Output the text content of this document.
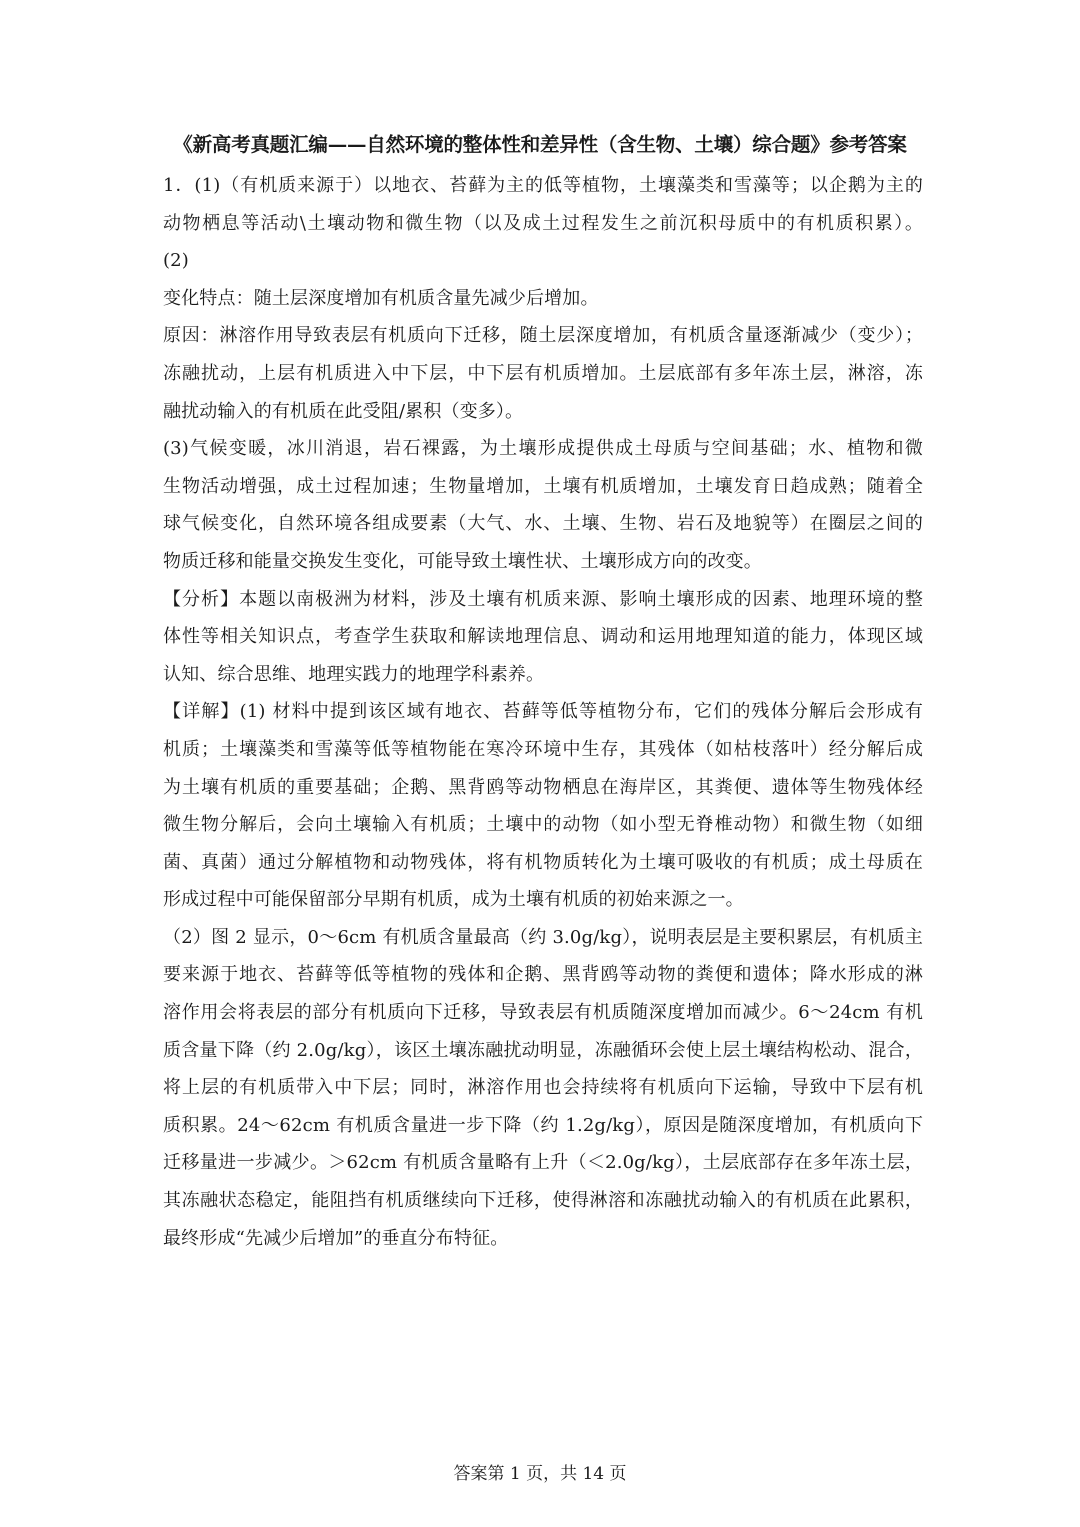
《新高考真题汇编——自然环境的整体性和差异性（含生物、土壤）综合题》参考答案
1．(1)（有机质来源于）以地衣、苔藓为主的低等植物，土壤藻类和雪藻等；以企鹅为主的
动物栖息等活动\土壤动物和微生物（以及成土过程发生之前沉积母质中的有机质积累）。
(2)
变化特点：随土层深度增加有机质含量先减少后增加。
原因：淋溶作用导致表层有机质向下迁移，随土层深度增加，有机质含量逐渐减少（变少）；
冻融扰动，上层有机质进入中下层，中下层有机质增加。土层底部有多年冻土层，淋溶，冻
融扰动输入的有机质在此受阻/累积（变多）。
(3)气候变暖，冰川消退，岩石裸露，为土壤形成提供成土母质与空间基础；水、植物和微
生物活动增强，成土过程加速；生物量增加，土壤有机质增加，土壤发育日趋成熟；随着全
球气候变化，自然环境各组成要素（大气、水、土壤、生物、岩石及地貌等）在圈层之间的
物质迁移和能量交换发生变化，可能导致土壤性状、土壤形成方向的改变。
【分析】本题以南极洲为材料，涉及土壤有机质来源、影响土壤形成的因素、地理环境的整
体性等相关知识点，考查学生获取和解读地理信息、调动和运用地理知道的能力，体现区域
认知、综合思维、地理实践力的地理学科素养。
【详解】(1) 材料中提到该区域有地衣、苔藓等低等植物分布，它们的残体分解后会形成有
机质；土壤藻类和雪藻等低等植物能在寒冷环境中生存，其残体（如枯枝落叶）经分解后成
为土壤有机质的重要基础；企鹅、黑背鸥等动物栖息在海岸区，其粪便、遗体等生物残体经
微生物分解后，会向土壤输入有机质；土壤中的动物（如小型无脊椎动物）和微生物（如细
菌、真菌）通过分解植物和动物残体，将有机物质转化为土壤可吸收的有机质；成土母质在
形成过程中可能保留部分早期有机质，成为土壤有机质的初始来源之一。
（2）图 2 显示，0～6cm 有机质含量最高（约 3.0g/kg），说明表层是主要积累层，有机质主
要来源于地衣、苔藓等低等植物的残体和企鹅、黑背鸥等动物的粪便和遗体；降水形成的淋
溶作用会将表层的部分有机质向下迁移，导致表层有机质随深度增加而减少。6～24cm 有机
质含量下降（约 2.0g/kg），该区土壤冻融扰动明显，冻融循环会使上层土壤结构松动、混合，
将上层的有机质带入中下层；同时，淋溶作用也会持续将有机质向下运输，导致中下层有机
质积累。24～62cm 有机质含量进一步下降（约 1.2g/kg），原因是随深度增加，有机质向下
迁移量进一步减少。＞62cm 有机质含量略有上升（＜2.0g/kg），土层底部存在多年冻土层，
其冻融状态稳定，能阻挡有机质继续向下迁移，使得淋溶和冻融扰动输入的有机质在此累积，
最终形成“先减少后增加”的垂直分布特征。
答案第 1 页，共 14 页
